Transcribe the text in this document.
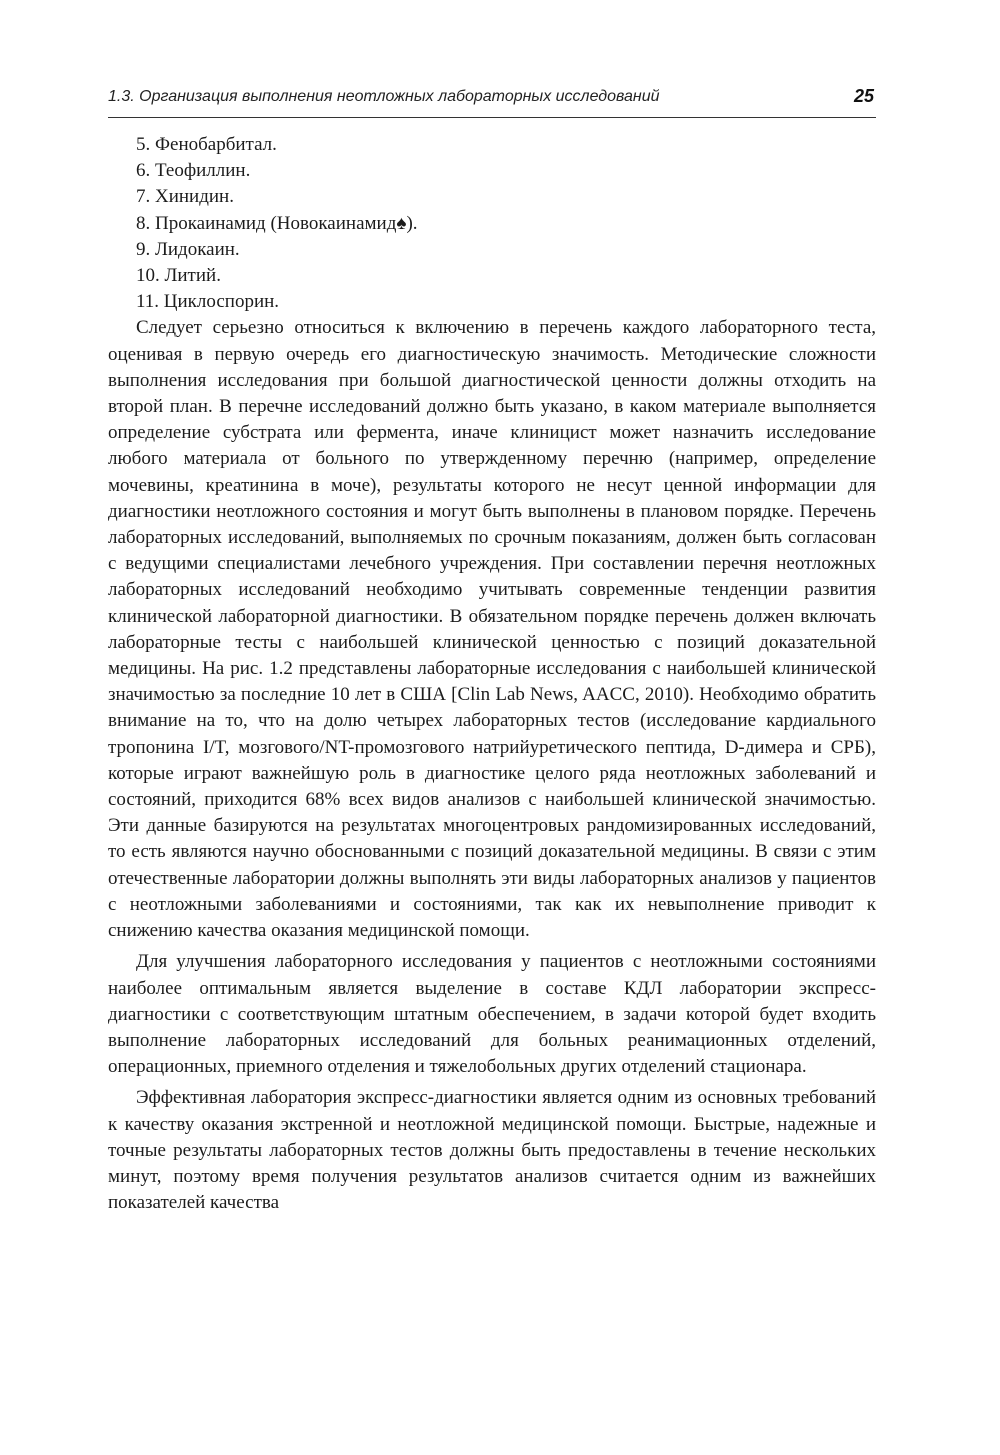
1.3. Организация выполнения неотложных лабораторных исследований	25
5. Фенобарбитал.
6. Теофиллин.
7. Хинидин.
8. Прокаинамид (Новокаинамид♠).
9. Лидокаин.
10. Литий.
11. Циклоспорин.

Следует серьезно относиться к включению в перечень каждого лабораторного теста, оценивая в первую очередь его диагностическую значимость. Методические сложности выполнения исследования при большой диагностической ценности должны отходить на второй план. В перечне исследований должно быть указано, в каком материале выполняется определение субстрата или фермента, иначе клиницист может назначить исследование любого материала от больного по утвержденному перечню (например, определение мочевины, креатинина в моче), результаты которого не несут ценной информации для диагностики неотложного состояния и могут быть выполнены в плановом порядке. Перечень лабораторных исследований, выполняемых по срочным показаниям, должен быть согласован с ведущими специалистами лечебного учреждения. При составлении перечня неотложных лабораторных исследований необходимо учитывать современные тенденции развития клинической лабораторной диагностики. В обязательном порядке перечень должен включать лабораторные тесты с наибольшей клинической ценностью с позиций доказательной медицины. На рис. 1.2 представлены лабораторные исследования с наибольшей клинической значимостью за последние 10 лет в США [Clin Lab News, AACC, 2010). Необходимо обратить внимание на то, что на долю четырех лабораторных тестов (исследование кардиального тропонина I/T, мозгового/NT-промозгового натрийуретического пептида, D-димера и СРБ), которые играют важнейшую роль в диагностике целого ряда неотложных заболеваний и состояний, приходится 68% всех видов анализов с наибольшей клинической значимостью. Эти данные базируются на результатах многоцентровых рандомизированных исследований, то есть являются научно обоснованными с позиций доказательной медицины. В связи с этим отечественные лаборатории должны выполнять эти виды лабораторных анализов у пациентов с неотложными заболеваниями и состояниями, так как их невыполнение приводит к снижению качества оказания медицинской помощи.

Для улучшения лабораторного исследования у пациентов с неотложными состояниями наиболее оптимальным является выделение в составе КДЛ лаборатории экспресс-диагностики с соответствующим штатным обеспечением, в задачи которой будет входить выполнение лабораторных исследований для больных реанимационных отделений, операционных, приемного отделения и тяжелобольных других отделений стационара.

Эффективная лаборатория экспресс-диагностики является одним из основных требований к качеству оказания экстренной и неотложной медицинской помощи. Быстрые, надежные и точные результаты лабораторных тестов должны быть предоставлены в течение нескольких минут, поэтому время получения результатов анализов считается одним из важнейших показателей качества
